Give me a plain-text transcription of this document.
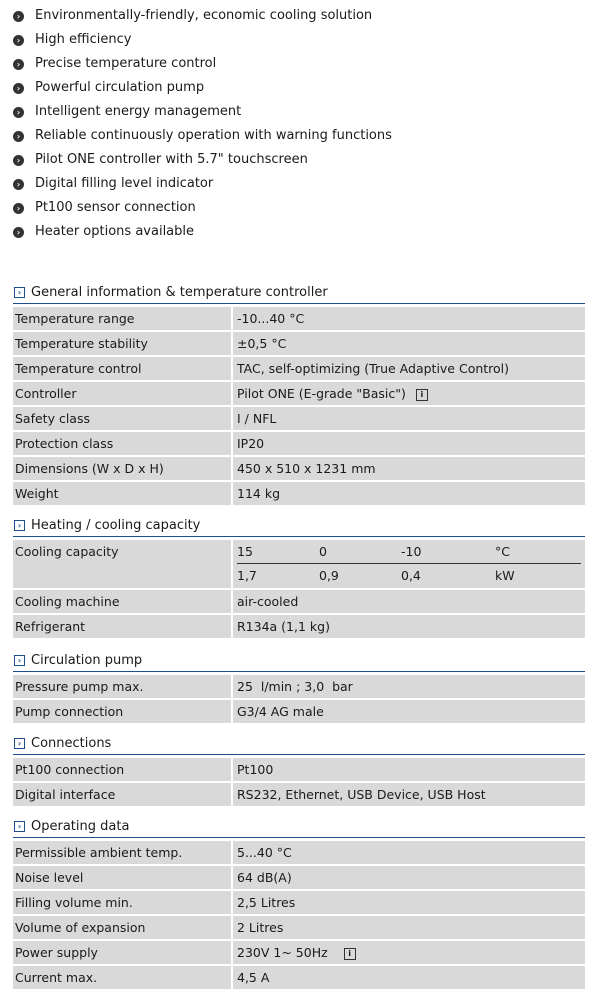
›
Environmentally-friendly, economic cooling solution
›
High efficiency
›
Precise temperature control
›
Powerful circulation pump
›
Intelligent energy management
›
Reliable continuously operation with warning functions
›
Pilot ONE controller with 5.7" touchscreen
›
Digital filling level indicator
›
Pt100 sensor connection
›
Heater options available
›
General information & temperature controller
Temperature range	-10...40 °C
Temperature stability	±0,5 °C
Temperature control	TAC, self-optimizing (True Adaptive Control)
Controller	Pilot ONE (E-grade "Basic") i
Safety class	I / NFL
Protection class	IP20
Dimensions (W x D x H)	450 x 510 x 1231 mm
Weight	114 kg
›
Heating / cooling capacity
Cooling capacity	15	0	-10	°C
1,7	0,9	0,4	kW
Cooling machine	air-cooled
Refrigerant	R134a (1,1 kg)
›
Circulation pump
Pressure pump max.	25  l/min ; 3,0  bar
Pump connection	G3/4 AG male
›
Connections
Pt100 connection	Pt100
Digital interface	RS232, Ethernet, USB Device, USB Host
›
Operating data
Permissible ambient temp.	5...40 °C
Noise level	64 dB(A)
Filling volume min.	2,5 Litres
Volume of expansion	2 Litres
Power supply	230V 1~ 50Hz	i
Current max.	4,5 A
